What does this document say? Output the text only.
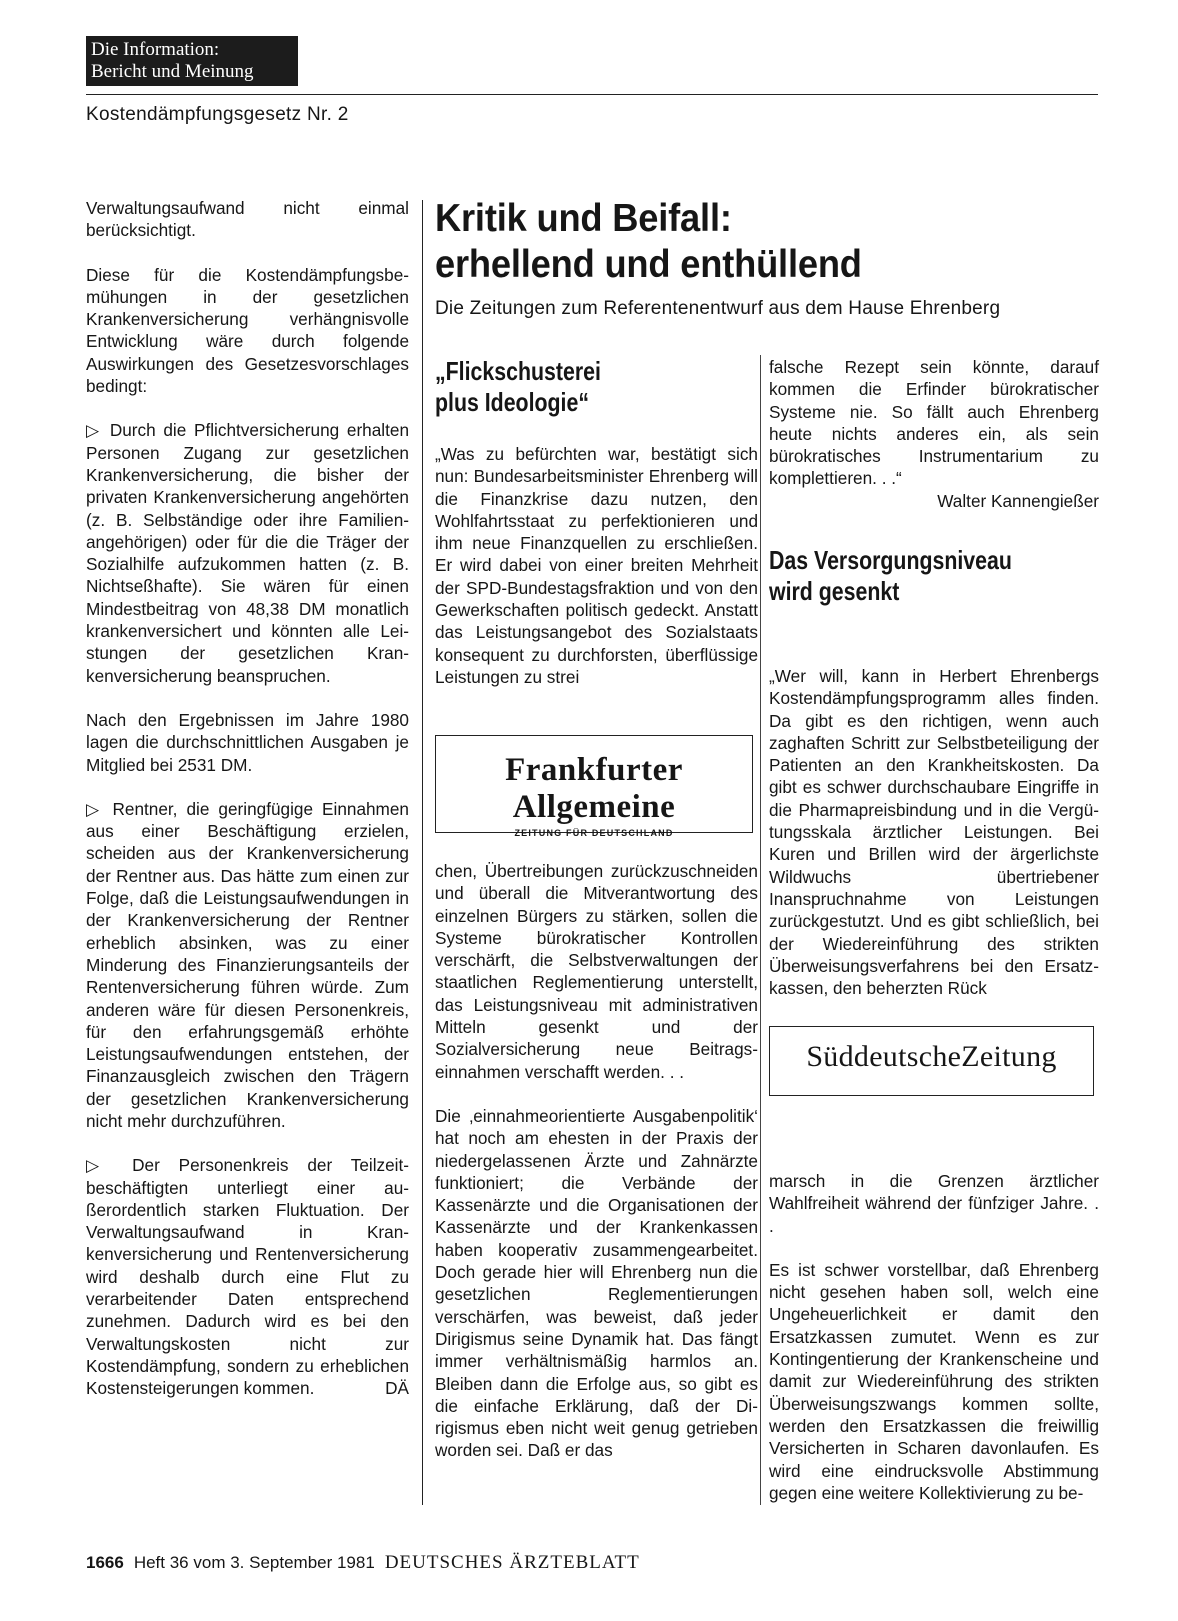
Die Information:
Bericht und Meinung
Kostendämpfungsgesetz Nr. 2

Verwaltungsaufwand nicht einmal berücksichtigt.

Diese für die Kostendämpfungsbemühungen in der gesetzlichen Krankenversicherung verhängnisvolle Entwicklung wäre durch folgende Auswirkungen des Gesetzesvorschlages bedingt:

▷ Durch die Pflichtversicherung erhalten Personen Zugang zur gesetzlichen Krankenversicherung, die bisher der privaten Krankenversicherung angehörten (z. B. Selbständige oder ihre Familienangehörigen) oder für die die Träger der Sozialhilfe aufzukommen hatten (z. B. Nichtseßhafte). Sie wären für einen Mindestbeitrag von 48,38 DM monatlich krankenversichert und könnten alle Leistungen der gesetzlichen Krankenversicherung beanspruchen.

Nach den Ergebnissen im Jahre 1980 lagen die durchschnittlichen Ausgaben je Mitglied bei 2531 DM.

▷ Rentner, die geringfügige Einnahmen aus einer Beschäftigung erzielen, scheiden aus der Krankenversicherung der Rentner aus. Das hätte zum einen zur Folge, daß die Leistungsaufwendungen in der Krankenversicherung der Rentner erheblich absinken, was zu einer Minderung des Finanzierungsanteils der Rentenversicherung führen würde. Zum anderen wäre für diesen Personenkreis, für den erfahrungsgemäß erhöhte Leistungsaufwendungen entstehen, der Finanzausgleich zwischen den Trägern der gesetzlichen Krankenversicherung nicht mehr durchzuführen.

▷ Der Personenkreis der Teilzeitbeschäftigten unterliegt einer außerordentlich starken Fluktuation. Der Verwaltungsaufwand in Krankenversicherung und Rentenversicherung wird deshalb durch eine Flut zu verarbeitender Daten entsprechend zunehmen. Dadurch wird es bei den Verwaltungskosten nicht zur Kostendämpfung, sondern zu erheblichen Kostensteigerungen kommen.	DÄ

Kritik und Beifall:
erhellend und enthüllend
Die Zeitungen zum Referentenentwurf aus dem Hause Ehrenberg
„Flickschusterei
plus Ideologie“

„Was zu befürchten war, bestätigt sich nun: Bundesarbeitsminister Ehrenberg will die Finanzkrise dazu nutzen, den Wohlfahrtsstaat zu perfektionieren und ihm neue Finanzquellen zu erschließen. Er wird dabei von einer breiten Mehrheit der SPD-Bundestagsfraktion und von den Gewerkschaften politisch gedeckt. Anstatt das Leistungsangebot des Sozialstaats konsequent zu durchforsten, überflüssige Leistungen zu strei

Frankfurter Allgemeine
ZEITUNG FÜR DEUTSCHLAND

chen, Übertreibungen zurückzuschneiden und überall die Mitverantwortung des einzelnen Bürgers zu stärken, sollen die Systeme bürokratischer Kontrollen verschärft, die Selbstverwaltungen der staatlichen Reglementierung unterstellt, das Leistungsniveau mit administrativen Mitteln gesenkt und der Sozialversicherung neue Beitragseinnahmen verschafft werden. . .

Die ‚einnahmeorientierte Ausgabenpolitik‘ hat noch am ehesten in der Praxis der niedergelassenen Ärzte und Zahnärzte funktioniert; die Verbände der Kassenärzte und die Organisationen der Kassenärzte und der Krankenkassen haben kooperativ zusammengearbeitet. Doch gerade hier will Ehrenberg nun die gesetzlichen Reglementierungen verschärfen, was beweist, daß jeder Dirigismus seine Dynamik hat. Das fängt immer verhältnismäßig harmlos an. Bleiben dann die Erfolge aus, so gibt es die einfache Erklärung, daß der Dirigismus eben nicht weit genug getrieben worden sei. Daß er das

falsche Rezept sein könnte, darauf kommen die Erfinder bürokratischer Systeme nie. So fällt auch Ehrenberg heute nichts anderes ein, als sein bürokratisches Instrumentarium zu komplettieren. . .“

Walter Kannengießer
Das Versorgungsniveau
wird gesenkt

„Wer will, kann in Herbert Ehrenbergs Kostendämpfungsprogramm alles finden. Da gibt es den richtigen, wenn auch zaghaften Schritt zur Selbstbeteiligung der Patienten an den Krankheitskosten. Da gibt es schwer durchschaubare Eingriffe in die Pharmapreisbindung und in die Vergütungsskala ärztlicher Leistungen. Bei Kuren und Brillen wird der ärgerlichste Wildwuchs übertriebener Inanspruchnahme von Leistungen zurückgestutzt. Und es gibt schließlich, bei der Wiedereinführung des strikten Überweisungsverfahrens bei den Ersatzkassen, den beherzten Rück

SüddeutscheZeitung

marsch in die Grenzen ärztlicher Wahlfreiheit während der fünfziger Jahre. . .

Es ist schwer vorstellbar, daß Ehrenberg nicht gesehen haben soll, welch eine Ungeheuerlichkeit er damit den Ersatzkassen zumutet. Wenn es zur Kontingentierung der Krankenscheine und damit zur Wiedereinführung des strikten Überweisungszwangs kommen sollte, werden den Ersatzkassen die freiwillig Versicherten in Scharen davonlaufen. Es wird eine eindrucksvolle Abstimmung gegen eine weitere Kollektivierung zu be-

1666 Heft 36 vom 3. September 1981 DEUTSCHES ÄRZTEBLATT
